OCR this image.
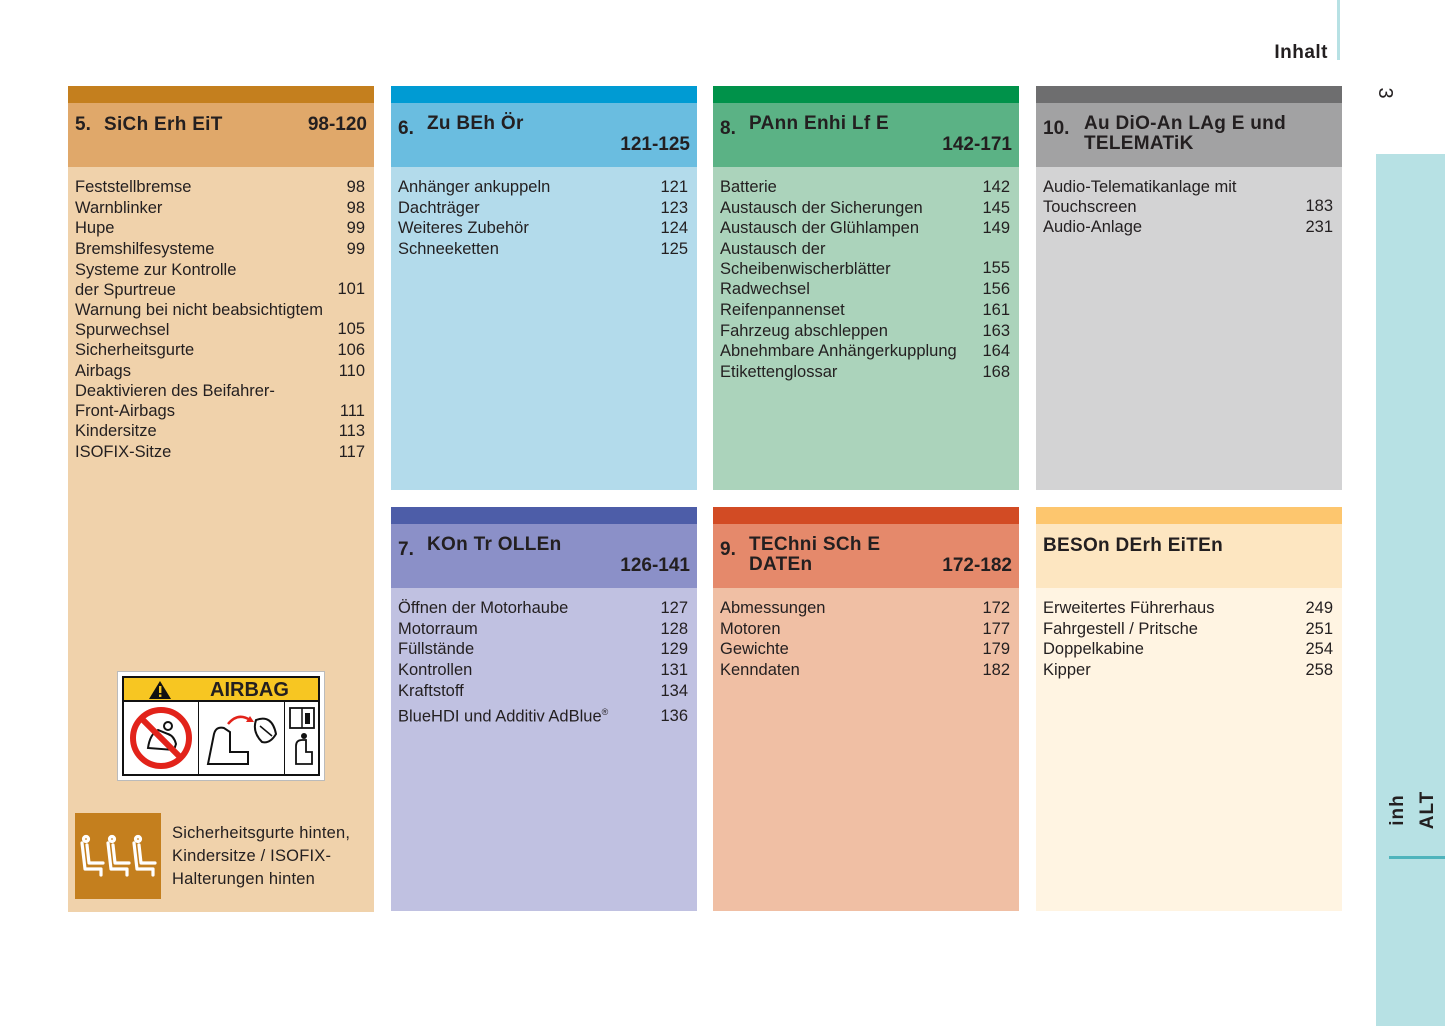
Inhalt
3
inh ALT
5. SiCh Erh EiT	98-120
Feststellbremse	98
Warnblinker	98
Hupe	99
Bremshilfesysteme	99
Systeme zur Kontrolle
der Spurtreue	101
Warnung bei nicht beabsichtigtem
Spurwechsel	105
Sicherheitsgurte	106
Airbags	110
Deaktivieren des Beifahrer-
Front-Airbags	111
Kindersitze	113
ISOFIX-Sitze	117
6. Zu BEh Ör
121-125
Anhänger ankuppeln	121
Dachträger	123
Weiteres Zubehör	124
Schneeketten	125
8. PAnn Enhi Lf E
142-171
Batterie	142
Austausch der Sicherungen	145
Austausch der Glühlampen	149
Austausch der
Scheibenwischerblätter	155
Radwechsel	156
Reifenpannenset	161
Fahrzeug abschleppen	163
Abnehmbare Anhängerkupplung 164
Etikettenglossar	168
10. Au DiO-An LAg E und
TELEMATiK
Audio-Telematikanlage mit
Touchscreen	183
Audio-Anlage	231
7. KOn Tr OLLEn
126-141
Öffnen der Motorhaube	127
Motorraum	128
Füllstände	129
Kontrollen	131
Kraftstoff	134
BlueHDI und Additiv AdBlue®	136
9. TEChni SCh E
DATEn	172-182
Abmessungen	172
Motoren	177
Gewichte	179
Kenndaten	182
BESOn DErh EiTEn
Erweitertes Führerhaus	249
Fahrgestell / Pritsche	251
Doppelkabine	254
Kipper	258
AIRBAG
Sicherheitsgurte hinten,
Kindersitze / ISOFIX-
Halterungen hinten
